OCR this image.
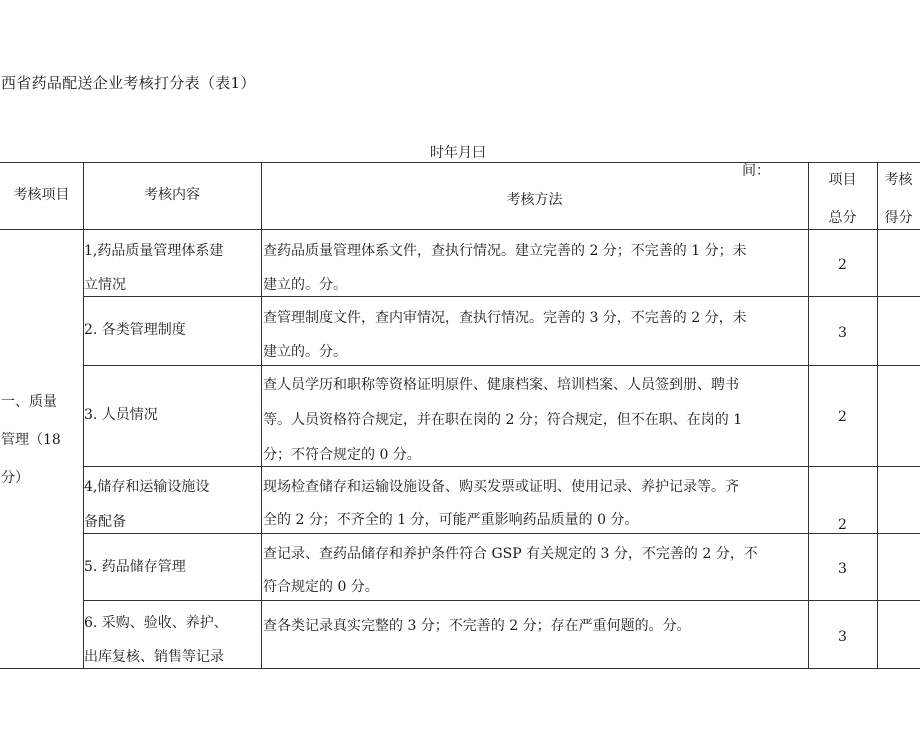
西省药品配送企业考核打分表（表1）
时年月曰
考核项目	考核内容
间：
考核方法
项目
总分
考核
得分
一、质量
管理（18
分）
1,药品质量管理体系建
立情况
查药品质量管理体系文件，查执行情况。建立完善的 2 分；不完善的 1 分；未
建立的。分。
2
2. 各类管理制度
查管理制度文件，查内审情况，查执行情况。完善的 3 分，不完善的 2 分，未
建立的。分。
3
3. 人员情况
查人员学历和职称等资格证明原件、健康档案、培训档案、人员签到册、聘书
等。人员资格符合规定，并在职在岗的 2 分；符合规定，但不在职、在岗的 1
分；不符合规定的 0 分。
2
4,储存和运输设施设
备配备
现场检查储存和运输设施设备、购买发票或证明、使用记录、养护记录等。齐
全的 2 分；不齐全的 1 分，可能严重影响药品质量的 0 分。	2
5. 药品储存管理
查记录、查药品储存和养护条件符合 GSP 有关规定的 3 分，不完善的 2 分，不
符合规定的 0 分。
3
6. 采购、验收、养护、
出库复核、销售等记录
查各类记录真实完整的 3 分；不完善的 2 分；存在严重何题的。分。
3
